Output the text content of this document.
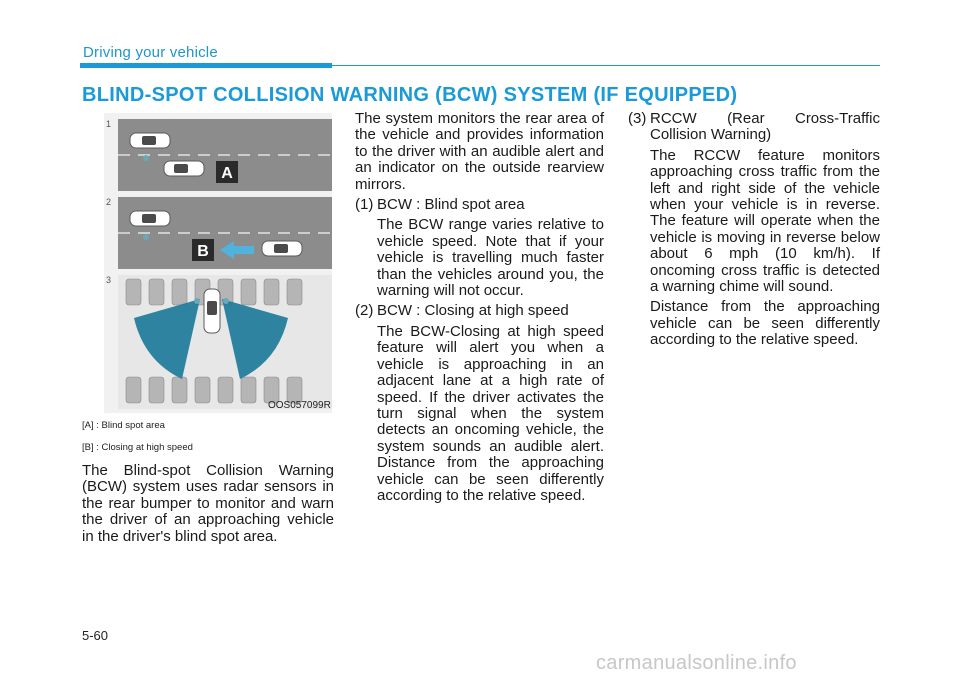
Driving your vehicle
BLIND-SPOT COLLISION WARNING (BCW) SYSTEM (IF EQUIPPED)
1
A
2
B
3
OOS057099R
[A] : Blind spot area
[B] : Closing at high speed

The Blind-spot Collision Warning (BCW) system uses radar sensors in the rear bumper to monitor and warn the driver of an approaching vehicle in the driver's blind spot area.

The system monitors the rear area of the vehicle and provides information to the driver with an audible alert and an indicator on the outside rearview mirrors.

(1) BCW : Blind spot area

The BCW range varies relative to vehicle speed. Note that if your vehicle is travelling much faster than the vehicles around you, the warning will not occur.

(2) BCW : Closing at high speed

The BCW-Closing at high speed feature will alert you when a vehicle is approaching in an adjacent lane at a high rate of speed. If the driver activates the turn signal when the system detects an oncoming vehicle, the system sounds an audible alert. Distance from the approaching vehicle can be seen differently according to the relative speed.

(3) RCCW (Rear Cross-Traffic Collision Warning)

The RCCW feature monitors approaching cross traffic from the left and right side of the vehicle when your vehicle is in reverse. The feature will operate when the vehicle is moving in reverse below about 6 mph (10 km/h). If oncoming cross traffic is detected a warning chime will sound.

Distance from the approaching vehicle can be seen differently according to the relative speed.

5-60
carmanualsonline.info
